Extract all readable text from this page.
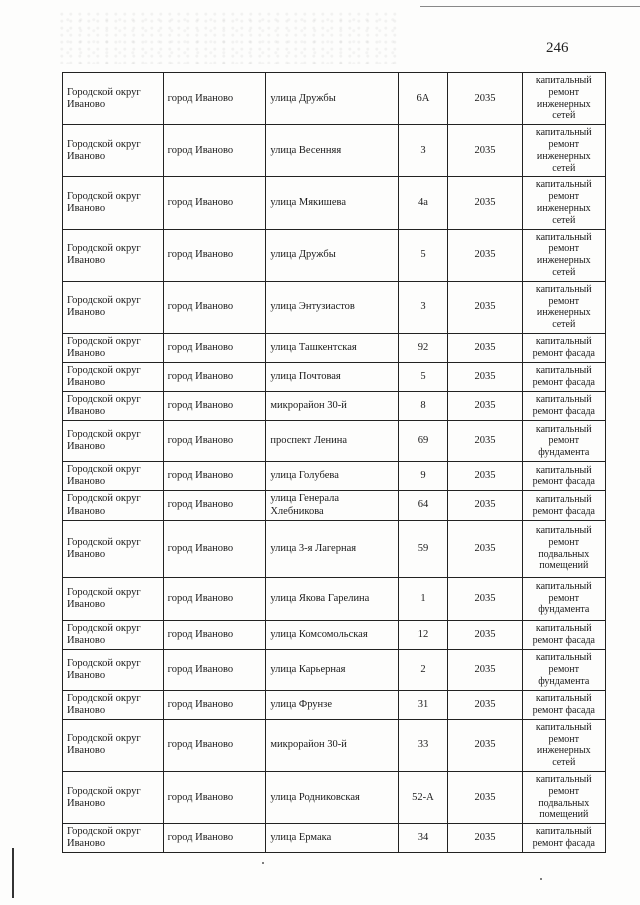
246
Городской округ Иваново	город Иваново	улица Дружбы	6А	2035	капитальный ремонт инженерных сетей
Городской округ Иваново	город Иваново	улица Весенняя	3	2035	капитальный ремонт инженерных сетей
Городской округ Иваново	город Иваново	улица Мякишева	4а	2035	капитальный ремонт инженерных сетей
Городской округ Иваново	город Иваново	улица Дружбы	5	2035	капитальный ремонт инженерных сетей
Городской округ Иваново	город Иваново	улица Энтузиастов	3	2035	капитальный ремонт инженерных сетей
Городской округ Иваново	город Иваново	улица Ташкентская	92	2035	капитальный ремонт фасада
Городской округ Иваново	город Иваново	улица Почтовая	5	2035	капитальный ремонт фасада
Городской округ Иваново	город Иваново	микрорайон 30-й	8	2035	капитальный ремонт фасада
Городской округ Иваново	город Иваново	проспект Ленина	69	2035	капитальный ремонт фундамента
Городской округ Иваново	город Иваново	улица Голубева	9	2035	капитальный ремонт фасада
Городской округ Иваново	город Иваново	улица Генерала Хлебникова	64	2035	капитальный ремонт фасада
Городской округ Иваново	город Иваново	улица 3-я Лагерная	59	2035	капитальный ремонт подвальных помещений
Городской округ Иваново	город Иваново	улица Якова Гарелина	1	2035	капитальный ремонт фундамента
Городской округ Иваново	город Иваново	улица Комсомольская	12	2035	капитальный ремонт фасада
Городской округ Иваново	город Иваново	улица Карьерная	2	2035	капитальный ремонт фундамента
Городской округ Иваново	город Иваново	улица Фрунзе	31	2035	капитальный ремонт фасада
Городской округ Иваново	город Иваново	микрорайон 30-й	33	2035	капитальный ремонт инженерных сетей
Городской округ Иваново	город Иваново	улица Родниковская	52-А	2035	капитальный ремонт подвальных помещений
Городской округ Иваново	город Иваново	улица Ермака	34	2035	капитальный ремонт фасада
